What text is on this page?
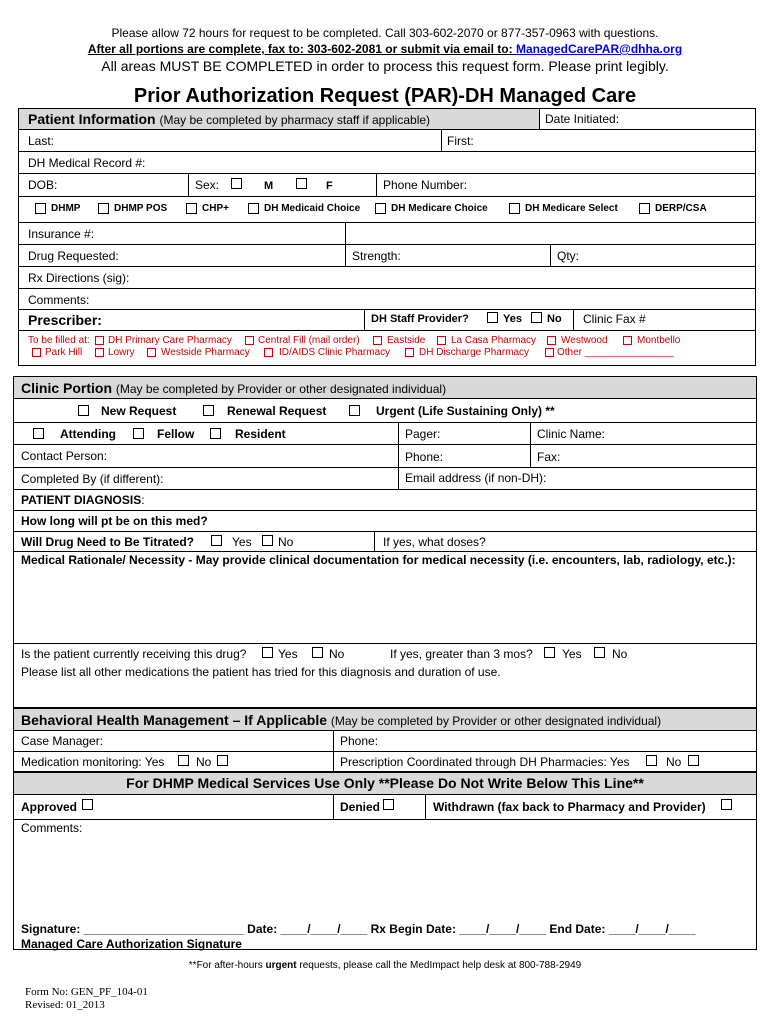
Please allow 72 hours for request to be completed. Call 303-602-2070 or 877-357-0963 with questions.
After all portions are complete, fax to: 303-602-2081 or submit via email to: ManagedCarePAR@dhha.org
All areas MUST BE COMPLETED in order to process this request form. Please print legibly.
Prior Authorization Request (PAR)-DH Managed Care
Patient Information (May be completed by pharmacy staff if applicable)	Date Initiated:
Last:	First:
DH Medical Record #:
DOB:	Sex:	M	F	Phone Number:
DHMP	DHMP POS	CHP+	DH Medicaid Choice	DH Medicare Choice	DH Medicare Select	DERP/CSA
Insurance #:
Drug Requested:	Strength:	Qty:
Rx Directions (sig):
Comments:
Prescriber:	DH Staff Provider?	Yes No Clinic Fax #
To be filled at: DH Primary Care Pharmacy	Central Fill (mail order)	Eastside	La Casa Pharmacy Westwood	Montbello
Park Hill	Lowry	Westside Pharmacy	ID/AIDS Clinic Pharmacy	DH Discharge Pharmacy	Other ________________
Clinic Portion (May be completed by Provider or other designated individual)
New Request	Renewal Request	Urgent (Life Sustaining Only) **
Attending	Fellow	Resident	Pager:	Clinic Name:
Contact Person:	Phone:	Fax:
Completed By (if different):	Email address (if non-DH):
PATIENT DIAGNOSIS:
How long will pt be on this med?
Will Drug Need to Be Titrated?	Yes No	If yes, what doses?
Medical Rationale/ Necessity - May provide clinical documentation for medical necessity (i.e. encounters, lab, radiology, etc.):
Is the patient currently receiving this drug?	Yes	No	If yes, greater than 3 mos? Yes	No
Please list all other medications the patient has tried for this diagnosis and duration of use.
Behavioral Health Management – If Applicable (May be completed by Provider or other designated individual)
Case Manager:	Phone:
Medication monitoring: Yes	No	Prescription Coordinated through DH Pharmacies: Yes	No
For DHMP Medical Services Use Only **Please Do Not Write Below This Line**
Approved	Denied	Withdrawn (fax back to Pharmacy and Provider)
Comments:
Signature: ________________________ Date: ____/____/____ Rx Begin Date: ____/____/____ End Date: ____/____/____
Managed Care Authorization Signature
**For after-hours urgent requests, please call the MedImpact help desk at 800-788-2949
Form No: GEN_PF_104-01
Revised: 01_2013
